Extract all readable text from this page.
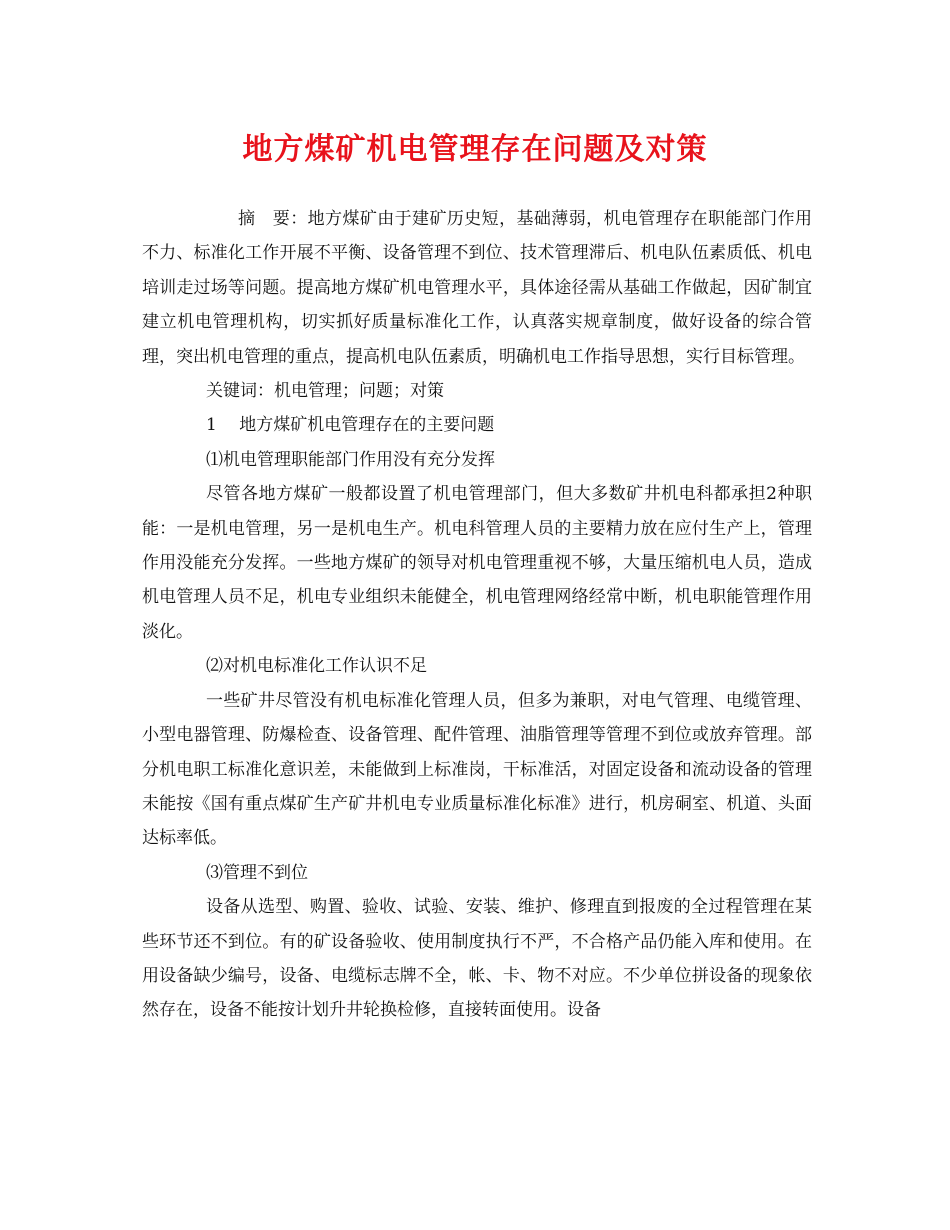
地方煤矿机电管理存在问题及对策

摘　要：地方煤矿由于建矿历史短，基础薄弱，机电管理存在职能部门作用不力、标准化工作开展不平衡、设备管理不到位、技术管理滞后、机电队伍素质低、机电培训走过场等问题。提高地方煤矿机电管理水平，具体途径需从基础工作做起，因矿制宜建立机电管理机构，切实抓好质量标准化工作，认真落实规章制度，做好设备的综合管理，突出机电管理的重点，提高机电队伍素质，明确机电工作指导思想，实行目标管理。

关键词：机电管理；问题；对策

1　 地方煤矿机电管理存在的主要问题

⑴机电管理职能部门作用没有充分发挥

尽管各地方煤矿一般都设置了机电管理部门，但大多数矿井机电科都承担2种职能：一是机电管理，另一是机电生产。机电科管理人员的主要精力放在应付生产上，管理作用没能充分发挥。一些地方煤矿的领导对机电管理重视不够，大量压缩机电人员，造成机电管理人员不足，机电专业组织未能健全，机电管理网络经常中断，机电职能管理作用淡化。

⑵对机电标准化工作认识不足

一些矿井尽管没有机电标准化管理人员，但多为兼职，对电气管理、电缆管理、小型电器管理、防爆检查、设备管理、配件管理、油脂管理等管理不到位或放弃管理。部分机电职工标准化意识差，未能做到上标准岗，干标准活，对固定设备和流动设备的管理未能按《国有重点煤矿生产矿井机电专业质量标准化标准》进行，机房硐室、机道、头面达标率低。

⑶管理不到位

设备从选型、购置、验收、试验、安装、维护、修理直到报废的全过程管理在某些环节还不到位。有的矿设备验收、使用制度执行不严，不合格产品仍能入库和使用。在用设备缺少编号，设备、电缆标志牌不全，帐、卡、物不对应。不少单位拼设备的现象依然存在，设备不能按计划升井轮换检修，直接转面使用。设备
